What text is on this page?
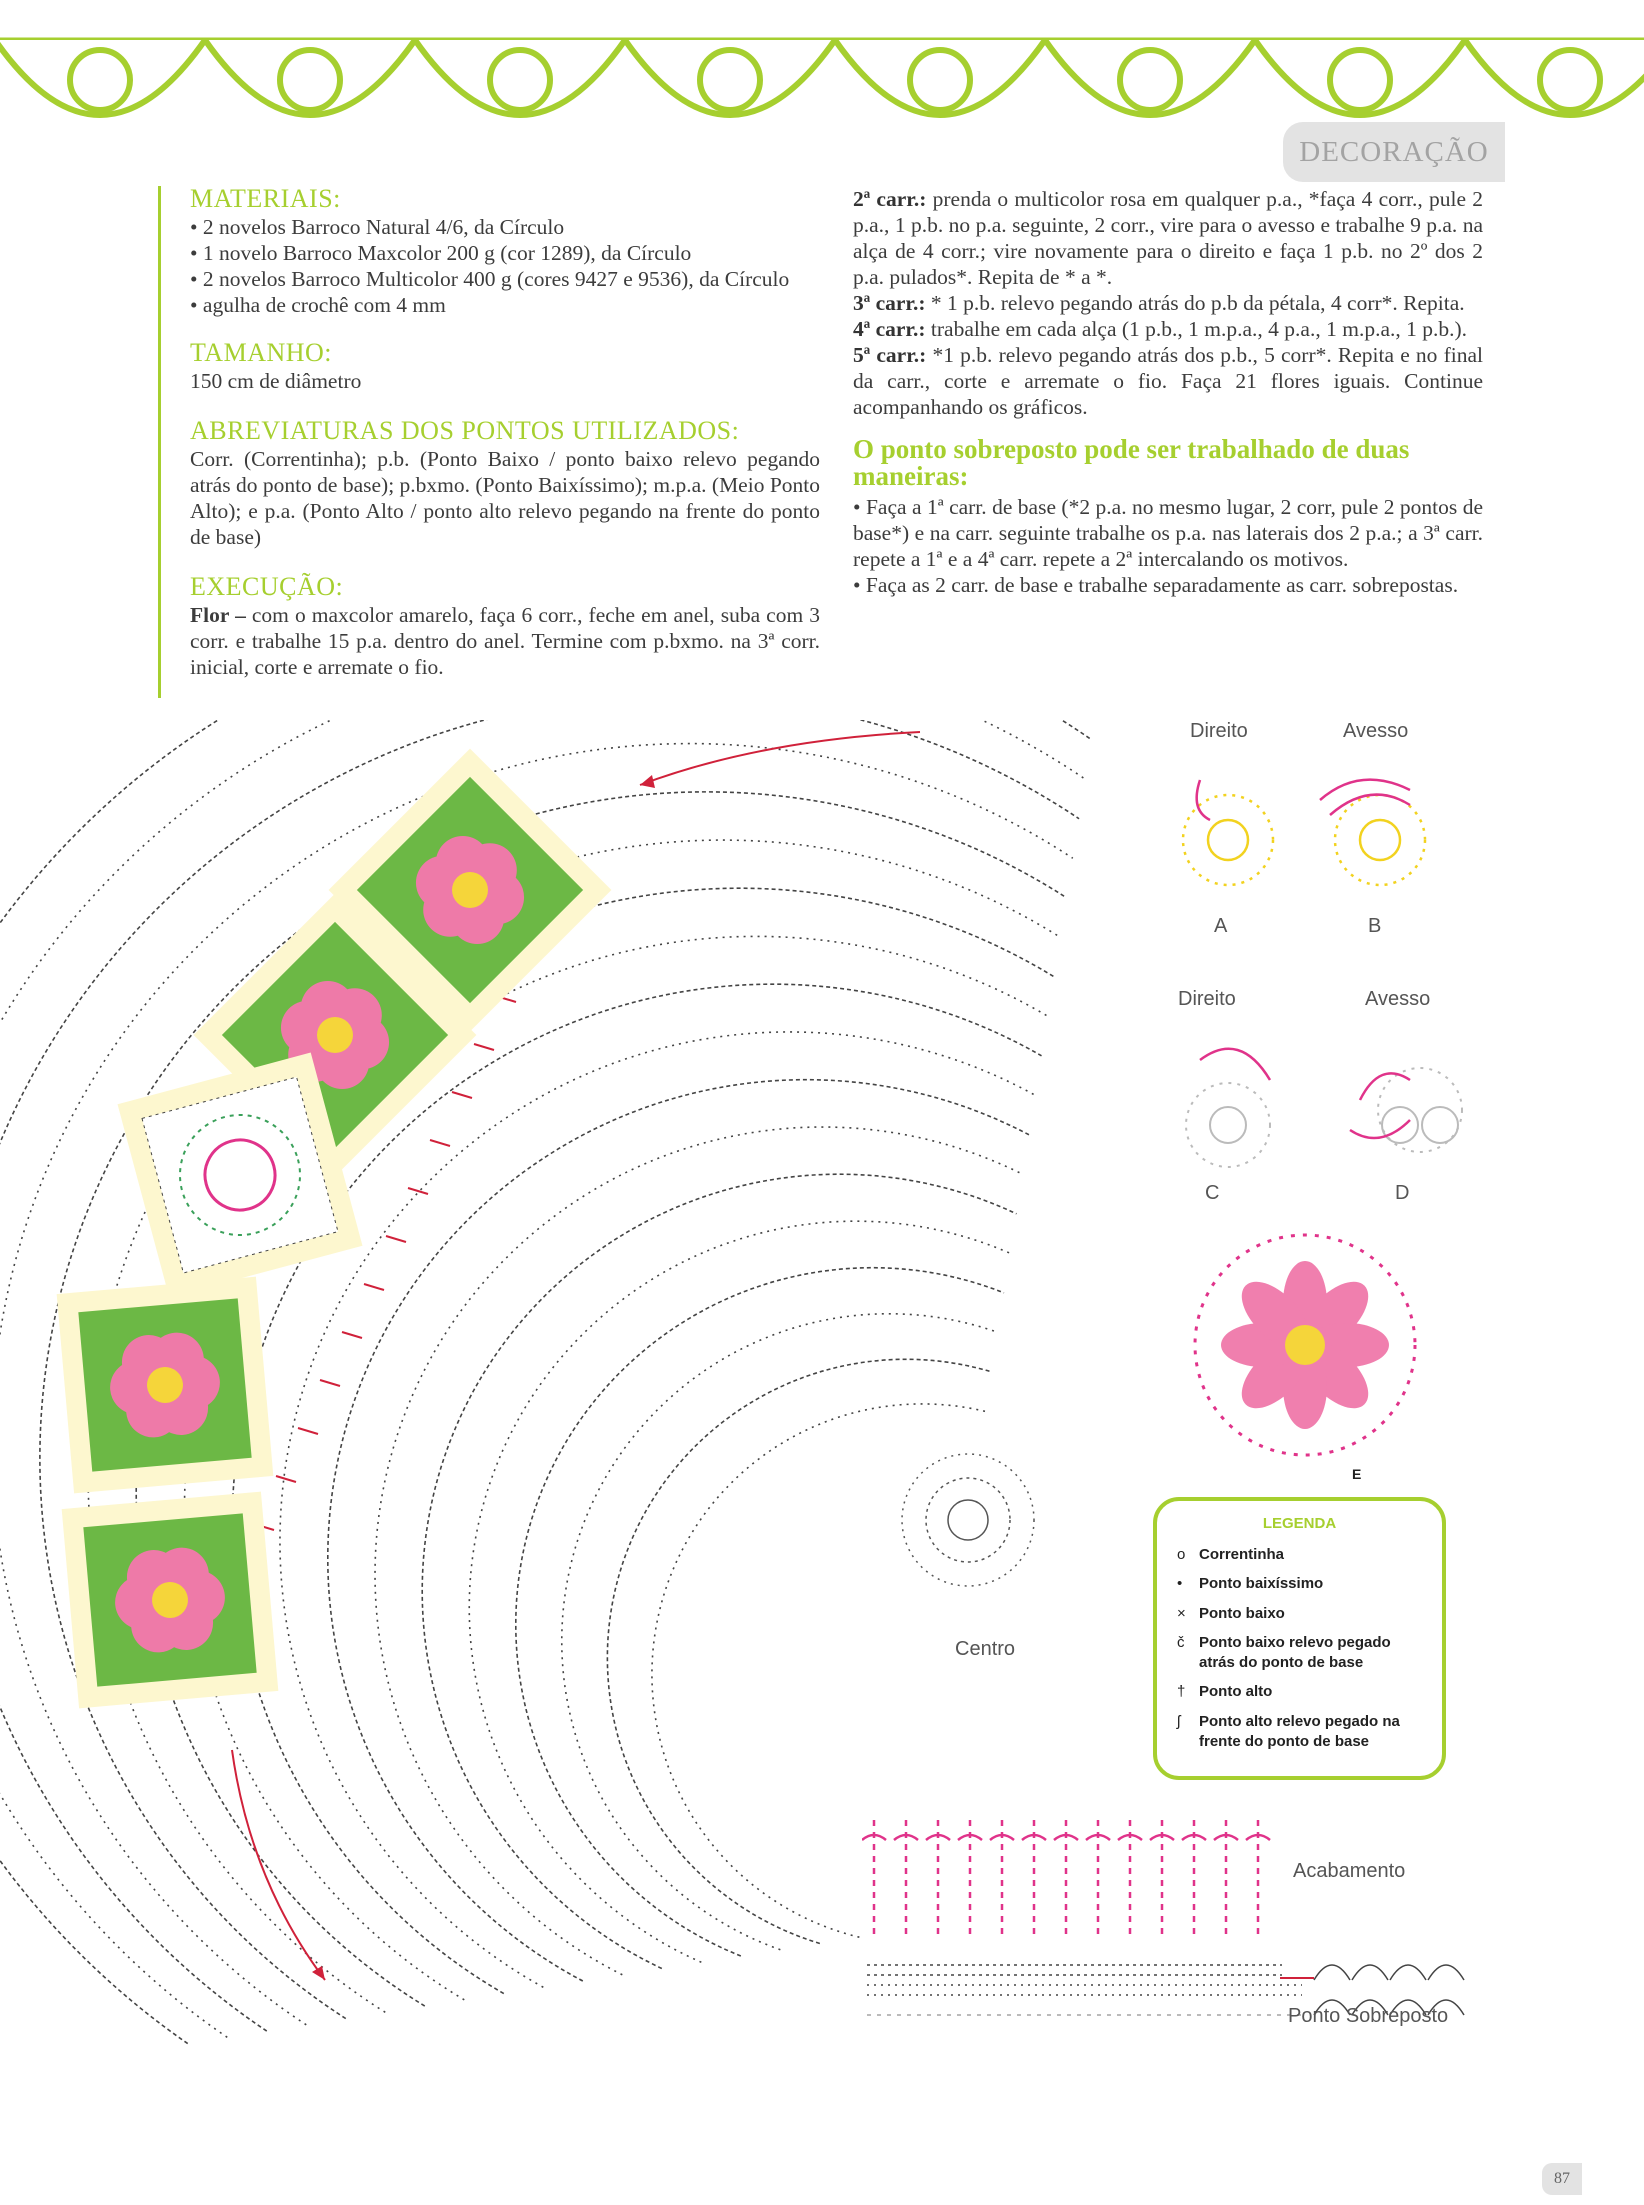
DECORAÇÃO
MATERIAIS:
• 2 novelos Barroco Natural 4/6, da Círculo
• 1 novelo Barroco Maxcolor 200 g (cor 1289), da Círculo
• 2 novelos Barroco Multicolor 400 g (cores 9427 e 9536), da Círculo
• agulha de crochê com 4 mm
TAMANHO:

150 cm de diâmetro

ABREVIATURAS DOS PONTOS UTILIZADOS:

Corr. (Correntinha); p.b. (Ponto Baixo / ponto baixo relevo pegando atrás do ponto de base); p.bxmo. (Ponto Baixíssimo); m.p.a. (Meio Ponto Alto); e p.a. (Ponto Alto / ponto alto relevo pegando na frente do ponto de base)

EXECUÇÃO:

Flor – com o maxcolor amarelo, faça 6 corr., feche em anel, suba com 3 corr. e trabalhe 15 p.a. dentro do anel. Termine com p.bxmo. na 3ª corr. inicial, corte e arremate o fio.

2ª carr.: prenda o multicolor rosa em qualquer p.a., *faça 4 corr., pule 2 p.a., 1 p.b. no p.a. seguinte, 2 corr., vire para o avesso e trabalhe 9 p.a. na alça de 4 corr.; vire novamente para o direito e faça 1 p.b. no 2º dos 2 p.a. pulados*. Repita de * a *.

3ª carr.: * 1 p.b. relevo pegando atrás do p.b da pétala, 4 corr*. Repita.

4ª carr.: trabalhe em cada alça (1 p.b., 1 m.p.a., 4 p.a., 1 m.p.a., 1 p.b.).

5ª carr.: *1 p.b. relevo pegando atrás dos p.b., 5 corr*. Repita e no final da carr., corte e arremate o fio. Faça 21 flores iguais. Continue acompanhando os gráficos.

O ponto sobreposto pode ser trabalhado de duas maneiras:

• Faça a 1ª carr. de base (*2 p.a. no mesmo lugar, 2 corr, pule 2 pontos de base*) e na carr. seguinte trabalhe os p.a. nas laterais dos 2 p.a.; a 3ª carr. repete a 1ª e a 4ª carr. repete a 2ª intercalando os motivos.

• Faça as 2 carr. de base e trabalhe separadamente as carr. sobrepostas.

Centro
Direito	Avesso
A	B
Direito	Avesso
C	D
E
LEGENDA
o Correntinha
• Ponto baixíssimo
× Ponto baixo
č Ponto baixo relevo pegado atrás do ponto de base
† Ponto alto
ʃ	Ponto alto relevo pegado na frente do ponto de base
Acabamento
Ponto Sobreposto
87
